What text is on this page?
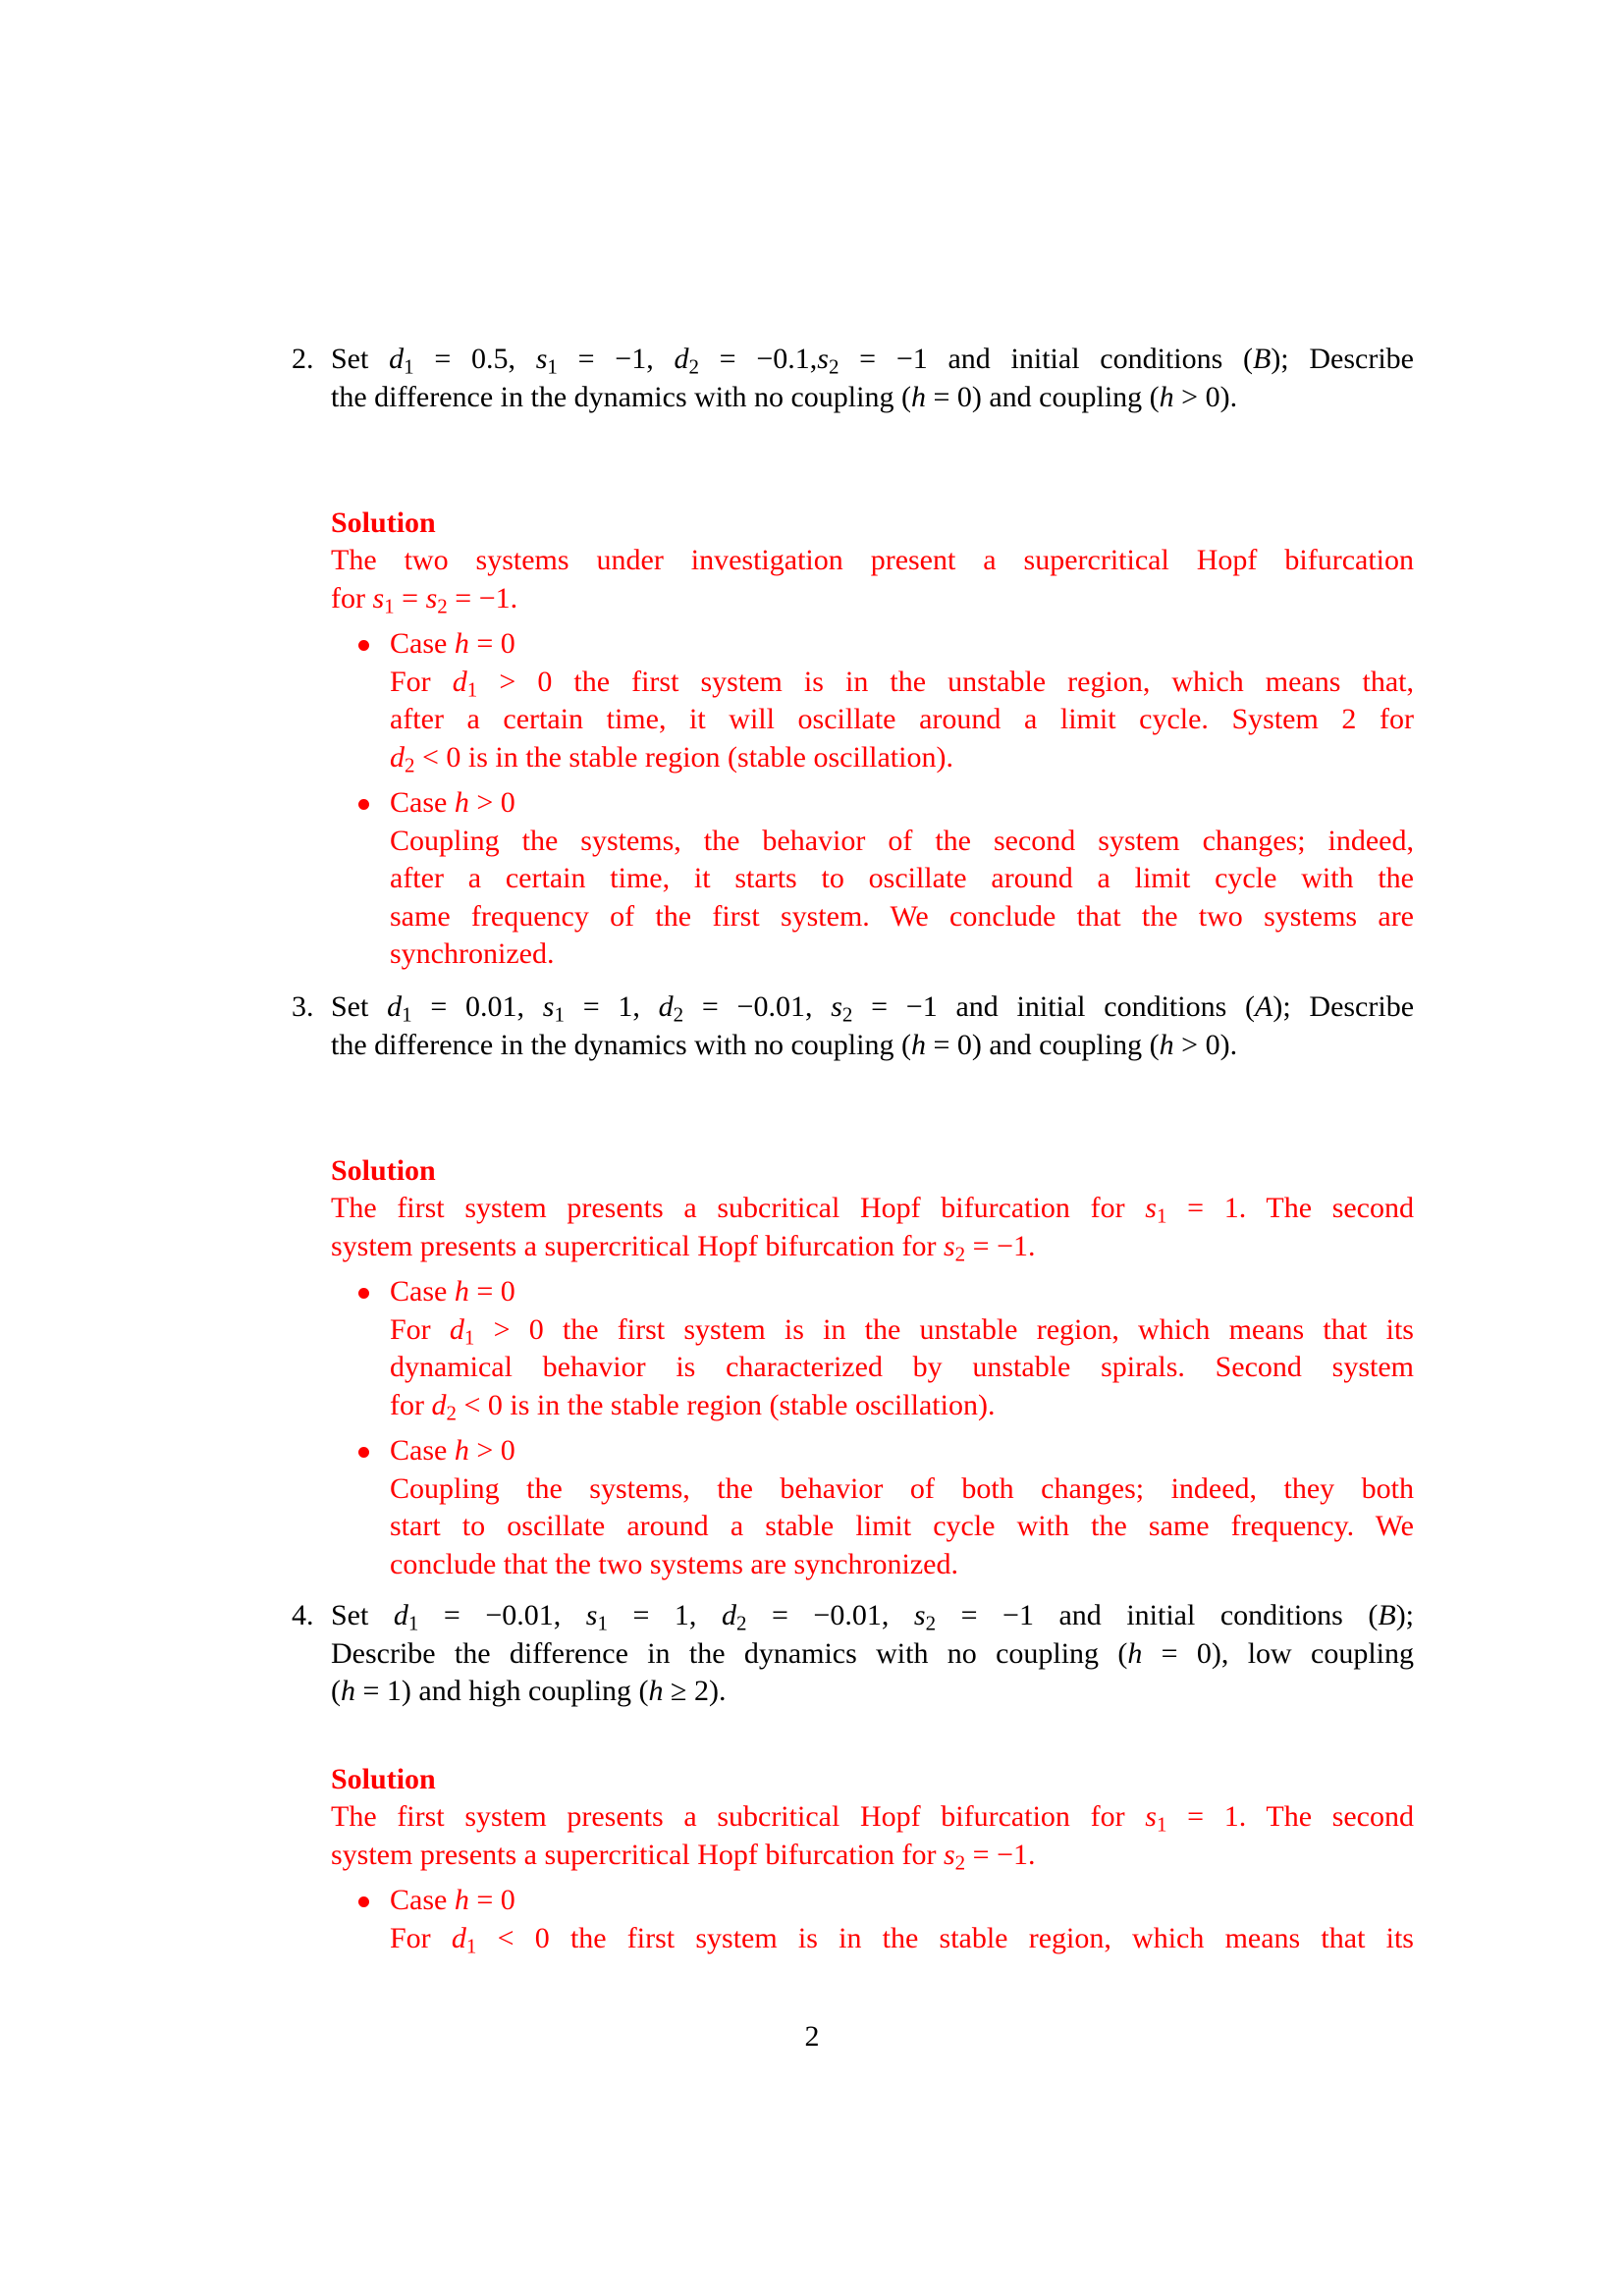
2. Set $d_1 = 0.5$, $s_1 = -1$, $d_2 = -0.1,s_2 = -1$ and initial conditions (B); Describe
the difference in the dynamics with no coupling (h = 0) and coupling (h > 0).
Solution
The two systems under investigation present a supercritical Hopf bifurcation
for $s_1 = s_2 = -1$.
Case h = 0
For $d_1 > 0$ the first system is in the unstable region, which means that,
after a certain time, it will oscillate around a limit cycle. System 2 for
$d_2 < 0$ is in the stable region (stable oscillation).
Case h > 0
Coupling the systems, the behavior of the second system changes; indeed,
after a certain time, it starts to oscillate around a limit cycle with the
same frequency of the first system. We conclude that the two systems are
synchronized.
3. Set $d_1 = 0.01$, $s_1 = 1$, $d_2 = -0.01$, $s_2 = -1$ and initial conditions (A); Describe
the difference in the dynamics with no coupling (h = 0) and coupling (h > 0).
Solution
The first system presents a subcritical Hopf bifurcation for $s_1 = 1$. The second
system presents a supercritical Hopf bifurcation for $s_2 = -1$.
Case h = 0
For $d_1 > 0$ the first system is in the unstable region, which means that its
dynamical behavior is characterized by unstable spirals. Second system
for $d_2 < 0$ is in the stable region (stable oscillation).
Case h > 0
Coupling the systems, the behavior of both changes; indeed, they both
start to oscillate around a stable limit cycle with the same frequency. We
conclude that the two systems are synchronized.
4. Set $d_1 = -0.01$, $s_1 = 1$, $d_2 = -0.01$, $s_2 = -1$ and initial conditions (B);
Describe the difference in the dynamics with no coupling (h = 0), low coupling
(h = 1) and high coupling (h ≥ 2).
Solution
The first system presents a subcritical Hopf bifurcation for $s_1 = 1$. The second
system presents a supercritical Hopf bifurcation for $s_2 = -1$.
Case h = 0
For $d_1 < 0$ the first system is in the stable region, which means that its
2
